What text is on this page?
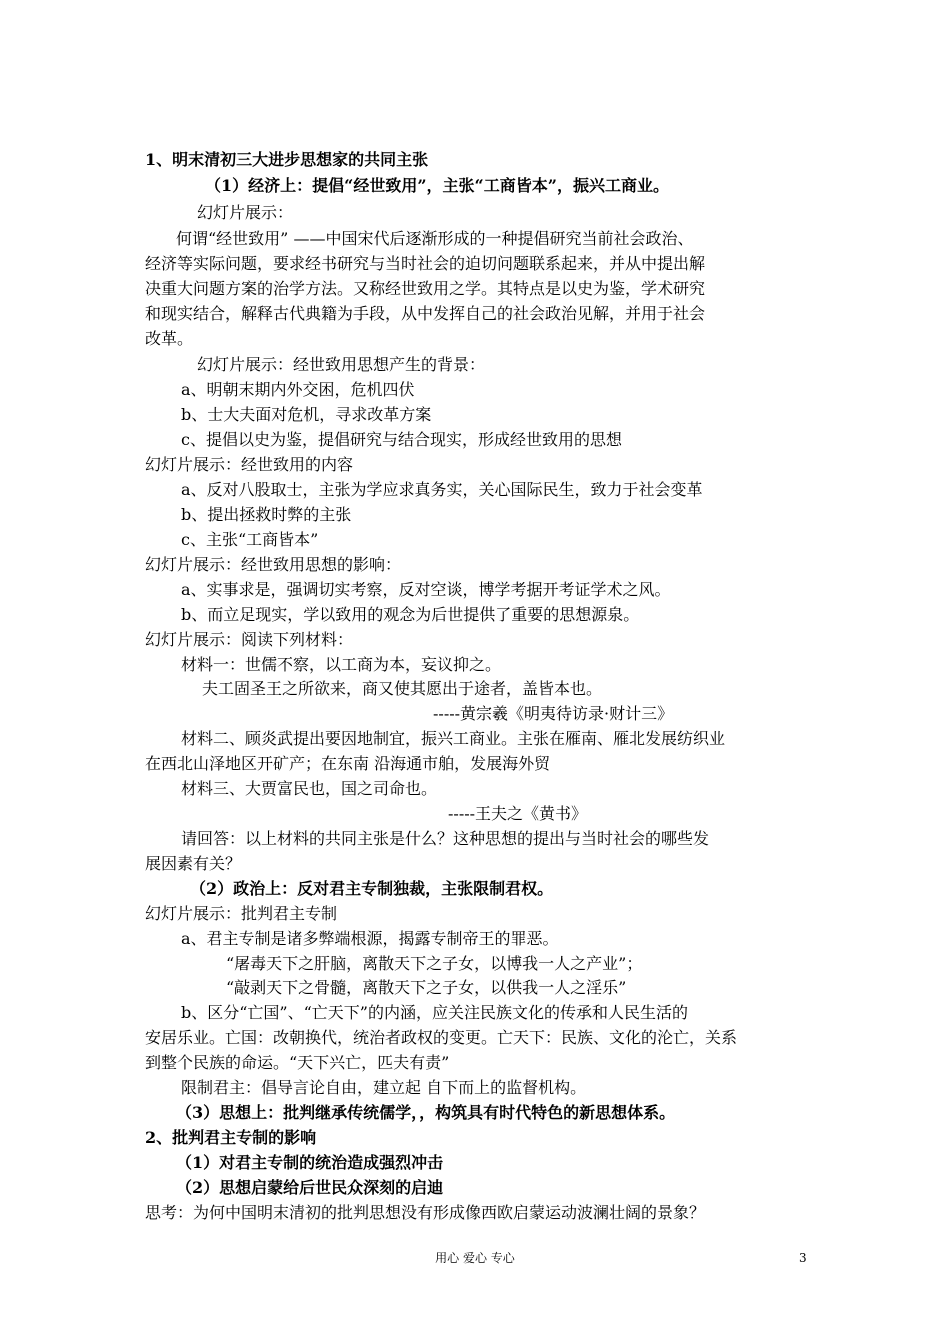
1、明末清初三大进步思想家的共同主张
（1）经济上：提倡“经世致用”，主张“工商皆本”，振兴工商业。
幻灯片展示：
何谓“经世致用” ——中国宋代后逐渐形成的一种提倡研究当前社会政治、
经济等实际问题，要求经书研究与当时社会的迫切问题联系起来，并从中提出解
决重大问题方案的治学方法。又称经世致用之学。其特点是以史为鉴，学术研究
和现实结合，解释古代典籍为手段，从中发挥自己的社会政治见解，并用于社会
改革。
幻灯片展示：经世致用思想产生的背景：
a、明朝末期内外交困，危机四伏
b、士大夫面对危机，寻求改革方案
c、提倡以史为鉴，提倡研究与结合现实，形成经世致用的思想
幻灯片展示：经世致用的内容
a、反对八股取士，主张为学应求真务实，关心国际民生，致力于社会变革
b、提出拯救时弊的主张
c、主张“工商皆本”
幻灯片展示：经世致用思想的影响：
a、实事求是，强调切实考察，反对空谈，博学考据开考证学术之风。
b、而立足现实，学以致用的观念为后世提供了重要的思想源泉。
幻灯片展示：阅读下列材料：
材料一：世儒不察，以工商为本，妄议抑之。
夫工固圣王之所欲来，商又使其愿出于途者，盖皆本也。
-----黄宗羲《明夷待访录·财计三》
材料二、顾炎武提出要因地制宜，振兴工商业。主张在雁南、雁北发展纺织业
在西北山泽地区开矿产；在东南 沿海通市舶，发展海外贸
材料三、大贾富民也，国之司命也。
-----王夫之《黄书》
请回答：以上材料的共同主张是什么？这种思想的提出与当时社会的哪些发
展因素有关？
（2）政治上：反对君主专制独裁，主张限制君权。
幻灯片展示：批判君主专制
a、君主专制是诸多弊端根源，揭露专制帝王的罪恶。
“屠毒天下之肝脑，离散天下之子女，以博我一人之产业”；
“敲剥天下之骨髓，离散天下之子女，以供我一人之淫乐”
b、区分“亡国”、“亡天下”的内涵，应关注民族文化的传承和人民生活的
安居乐业。亡国：改朝换代，统治者政权的变更。亡天下：民族、文化的沦亡，关系
到整个民族的命运。“天下兴亡，匹夫有责”
限制君主：倡导言论自由，建立起 自下而上的监督机构。
（3）思想上：批判继承传统儒学，，构筑具有时代特色的新思想体系。
2、批判君主专制的影响
（1）对君主专制的统治造成强烈冲击
（2）思想启蒙给后世民众深刻的启迪
思考：为何中国明末清初的批判思想没有形成像西欧启蒙运动波澜壮阔的景象？
用心 爱心 专心	3
